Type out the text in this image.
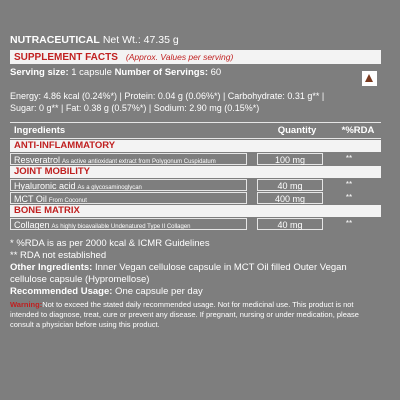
NUTRACEUTICAL Net Wt.: 47.35 g
SUPPLEMENT FACTS (Approx. Values per serving)
Serving size: 1 capsule Number of Servings: 60
Energy: 4.86 kcal (0.24%*) | Protein: 0.04 g (0.06%*) | Carbohydrate: 0.31 g** |
Sugar: 0 g** | Fat: 0.38 g (0.57%*) | Sodium: 2.90 mg (0.15%*)
Ingredients	Quantity	*%RDA
ANTI-INFLAMMATORY
Resveratrol As active antioxidant extract from Polygonum Cuspidatum	100 mg	**
JOINT MOBILITY
Hyaluronic acid As a glycosaminoglycan	40 mg	**
MCT Oil From Coconut	400 mg	**
BONE MATRIX
Collagen As highly bioavailable Undenatured Type II Collagen	40 mg	**
* %RDA is as per 2000 kcal & ICMR Guidelines
** RDA not established
Other Ingredients: Inner Vegan cellulose capsule in MCT Oil filled Outer Vegan cellulose capsule (Hypromellose)
Recommended Usage: One capsule per day
Warning:Not to exceed the stated daily recommended usage. Not for medicinal use. This product is not intended to diagnose, treat, cure or prevent any disease. If pregnant, nursing or under medication, please consult a physician before using this product.
